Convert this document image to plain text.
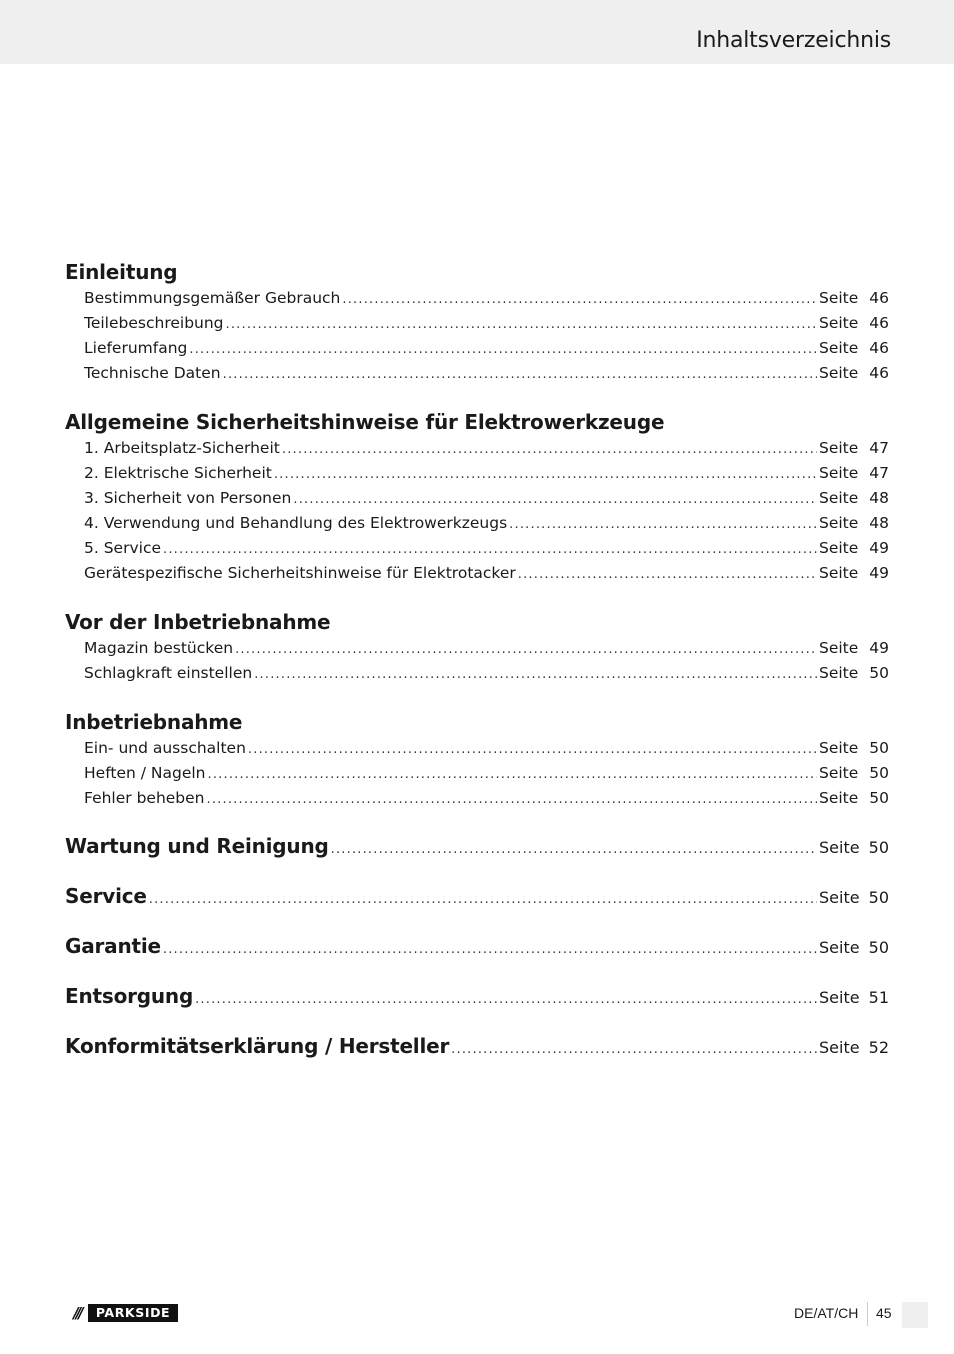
Inhaltsverzeichnis
Einleitung
Bestimmungsgemäßer Gebrauch .....	Seite 46
Teilebeschreibung .....	Seite 46
Lieferumfang .....	Seite 46
Technische Daten .....	Seite 46
Allgemeine Sicherheitshinweise für Elektrowerkzeuge
1. Arbeitsplatz-Sicherheit .....	Seite 47
2. Elektrische Sicherheit .....	Seite 47
3. Sicherheit von Personen .....	Seite 48
4. Verwendung und Behandlung des Elektrowerkzeugs .....	Seite 48
5. Service .....	Seite 49
Gerätespezifische Sicherheitshinweise für Elektrotacker .....	Seite 49
Vor der Inbetriebnahme
Magazin bestücken .....	Seite 49
Schlagkraft einstellen .....	Seite 50
Inbetriebnahme
Ein- und ausschalten .....	Seite 50
Heften / Nageln .....	Seite 50
Fehler beheben .....	Seite 50
Wartung und Reinigung .....	Seite 50
Service .....	Seite 50
Garantie .....	Seite 50
Entsorgung .....	Seite 51
Konformitätserklärung / Hersteller .....	Seite 52
///	PARKSIDE	DE/AT/CH 45
